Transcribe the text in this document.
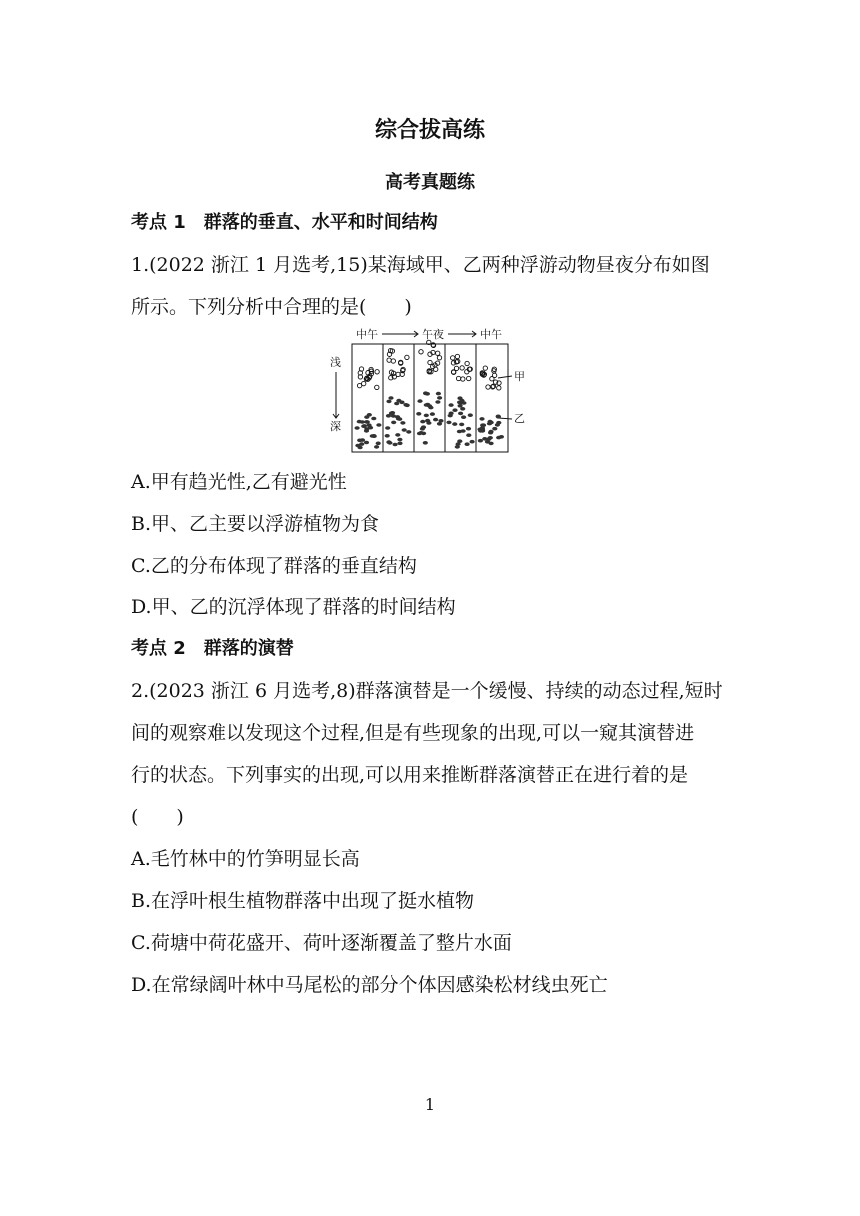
综合拔高练
高考真题练
考点 1　群落的垂直、水平和时间结构
1.(2022 浙江 1 月选考,15)某海域甲、乙两种浮游动物昼夜分布如图
所示。下列分析中合理的是(　　)
中午	午夜	中午
浅
深
甲
乙
A.甲有趋光性,乙有避光性
B.甲、乙主要以浮游植物为食
C.乙的分布体现了群落的垂直结构
D.甲、乙的沉浮体现了群落的时间结构
考点 2　群落的演替
2.(2023 浙江 6 月选考,8)群落演替是一个缓慢、持续的动态过程,短时
间的观察难以发现这个过程,但是有些现象的出现,可以一窥其演替进
行的状态。下列事实的出现,可以用来推断群落演替正在进行着的是
(　　)
A.毛竹林中的竹笋明显长高
B.在浮叶根生植物群落中出现了挺水植物
C.荷塘中荷花盛开、荷叶逐渐覆盖了整片水面
D.在常绿阔叶林中马尾松的部分个体因感染松材线虫死亡
1
